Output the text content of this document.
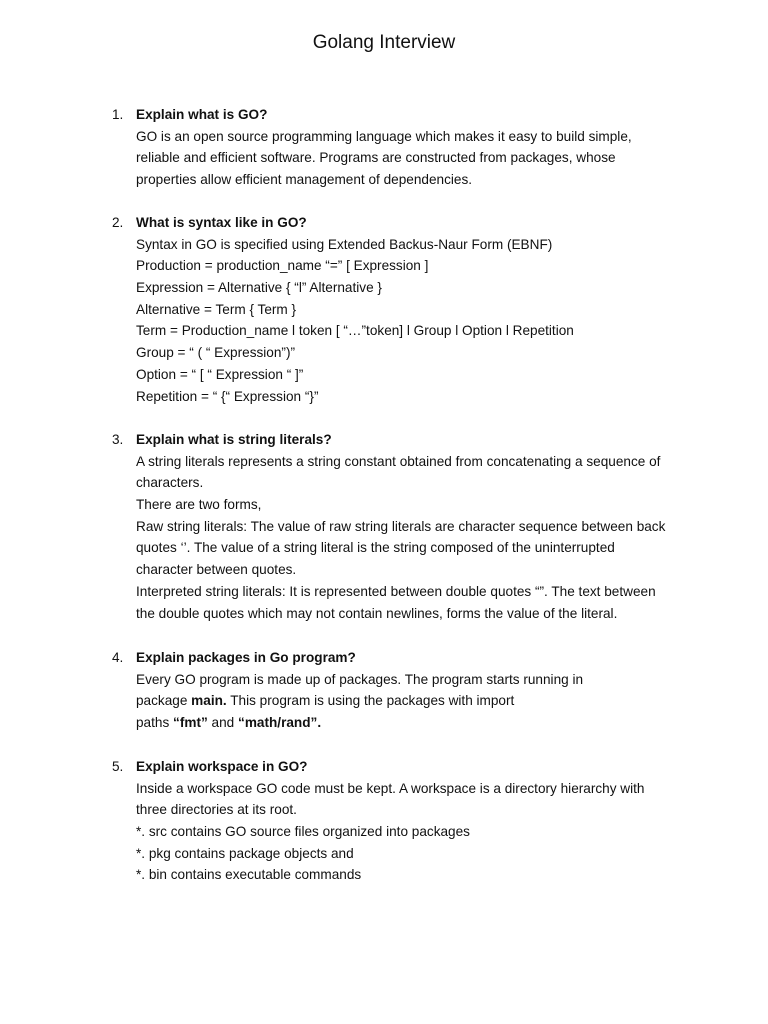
Golang Interview
1. Explain what is GO?
GO is an open source programming language which makes it easy to build simple,
reliable and efficient software. Programs are constructed from packages, whose
properties allow efficient management of dependencies.
2. What is syntax like in GO?
Syntax in GO is specified using Extended Backus-Naur Form (EBNF)
Production = production_name “=” [ Expression ]
Expression = Alternative { “l” Alternative }
Alternative = Term { Term }
Term = Production_name l token [ “…”token] l Group l Option l Repetition
Group = “ ( “ Expression”)”
Option = “ [ “ Expression “ ]”
Repetition = “ {“ Expression “}”
3. Explain what is string literals?
A string literals represents a string constant obtained from concatenating a sequence of
characters.
There are two forms,
Raw string literals: The value of raw string literals are character sequence between back
quotes ‘’. The value of a string literal is the string composed of the uninterrupted
character between quotes.
Interpreted string literals: It is represented between double quotes “”. The text between
the double quotes which may not contain newlines, forms the value of the literal.
4. Explain packages in Go program?
Every GO program is made up of packages. The program starts running in
package main. This program is using the packages with import
paths “fmt” and “math/rand”.
5. Explain workspace in GO?
Inside a workspace GO code must be kept. A workspace is a directory hierarchy with
three directories at its root.
*. src contains GO source files organized into packages
*. pkg contains package objects and
*. bin contains executable commands
